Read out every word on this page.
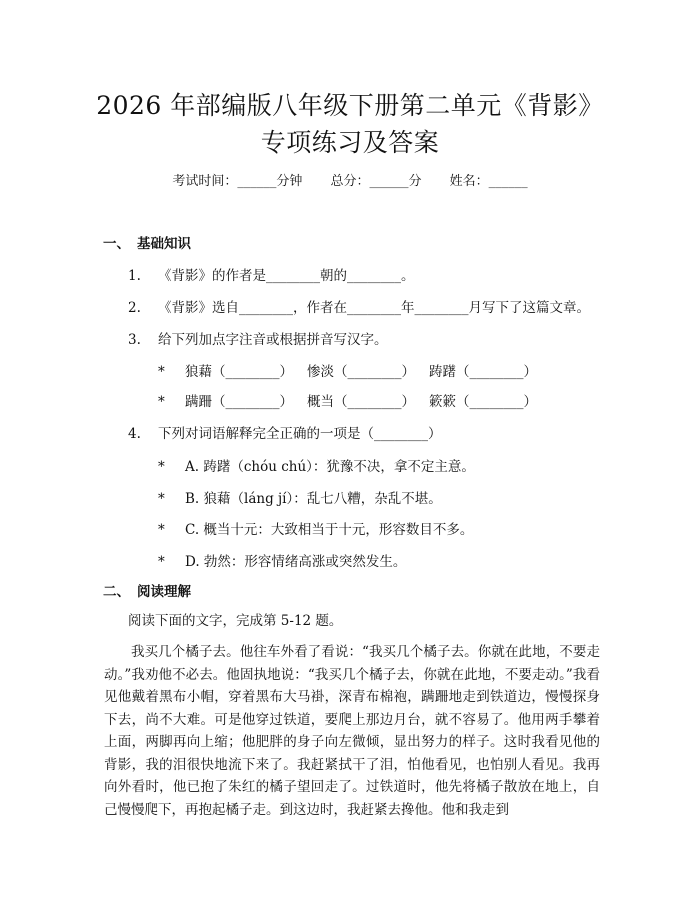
2026 年部编版八年级下册第二单元《背影》
专项练习及答案
考试时间：______分钟 总分：______分 姓名：______
一、 基础知识
1. 《背影》的作者是________朝的________。
2. 《背影》选自________，作者在________年________月写下了这篇文章。
3. 给下列加点字注音或根据拼音写汉字。
* 狼藉（________） 惨淡（________） 踌躇（________）
* 蹒跚（________） 概当（________） 簌簌（________）
4. 下列对词语解释完全正确的一项是（________）
* A. 踌躇（chóu chú）：犹豫不决，拿不定主意。
* B. 狼藉（láng jí）：乱七八糟，杂乱不堪。
* C. 概当十元：大致相当于十元，形容数目不多。
* D. 勃然：形容情绪高涨或突然发生。
二、 阅读理解
阅读下面的文字，完成第 5-12 题。
我买几个橘子去。他往车外看了看说：“我买几个橘子去。你就在此地，不要走动。”我劝他不必去。他固执地说：“我买几个橘子去，你就在此地，不要走动。”我看见他戴着黑布小帽，穿着黑布大马褂，深青布棉袍，蹒跚地走到铁道边，慢慢探身下去，尚不大难。可是他穿过铁道，要爬上那边月台，就不容易了。他用两手攀着上面，两脚再向上缩；他肥胖的身子向左微倾，显出努力的样子。这时我看见他的背影，我的泪很快地流下来了。我赶紧拭干了泪，怕他看见，也怕别人看见。我再向外看时，他已抱了朱红的橘子望回走了。过铁道时，他先将橘子散放在地上，自己慢慢爬下，再抱起橘子走。到这边时，我赶紧去搀他。他和我走到
